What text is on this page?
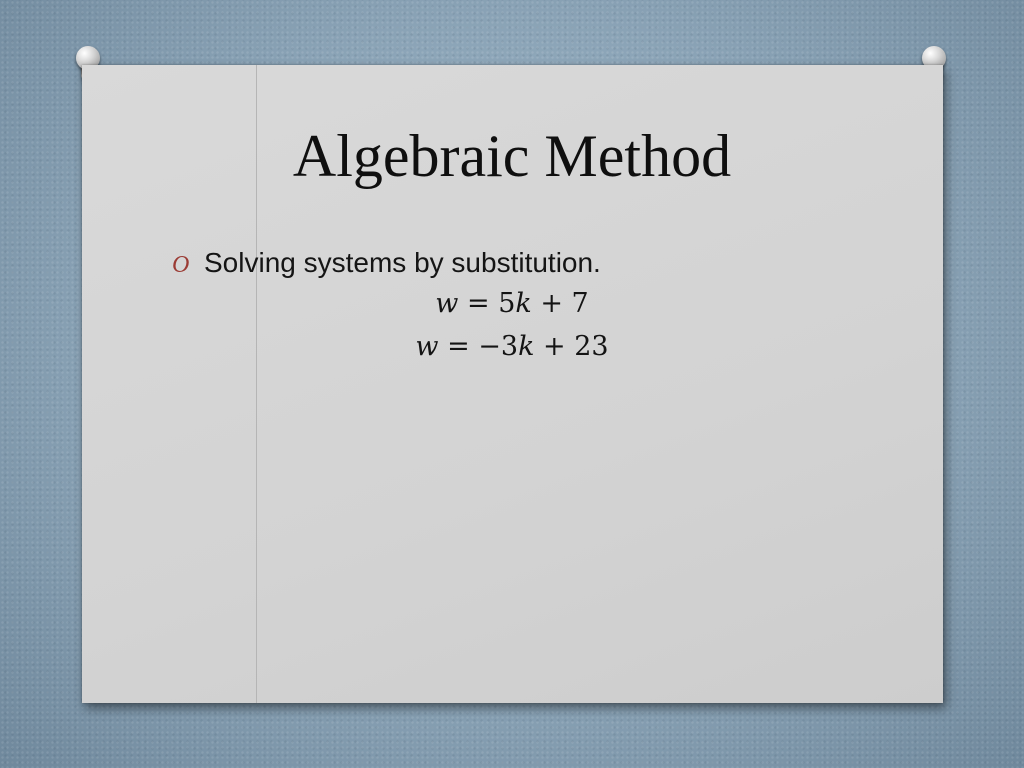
Algebraic Method
O Solving systems by substitution.
w = 5k + 7
w = −3k + 23
